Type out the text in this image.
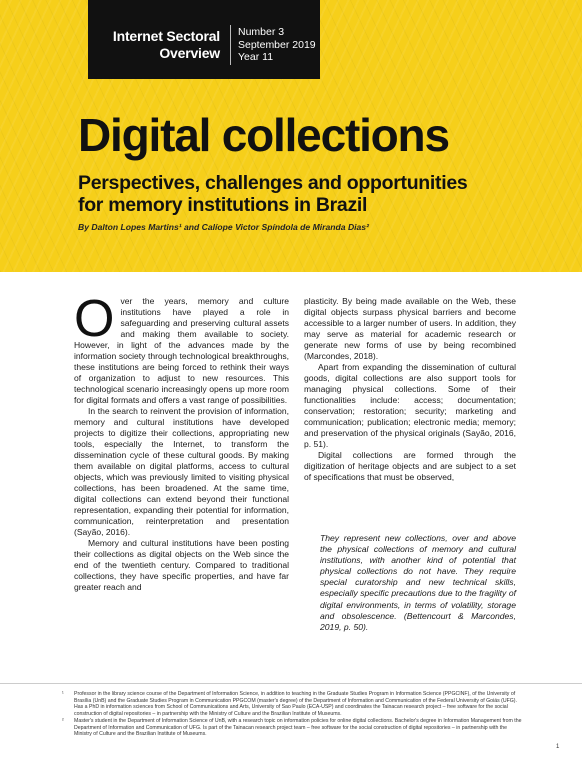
Internet Sectoral
Overview
Number 3
September 2019
Year 11
Digital collections
Perspectives, challenges and opportunities
for memory institutions in Brazil
By Dalton Lopes Martins¹ and Calíope Victor Spíndola de Miranda Dias²

Over the years, memory and culture institutions have played a role in safeguarding and preserving cultural assets and making them available to society. However, in light of the advances made by the information society through technological breakthroughs, these institutions are being forced to rethink their ways of organization to adjust to new resources. This technological scenario increasingly opens up more room for digital formats and offers a vast range of possibilities.

In the search to reinvent the provision of information, memory and cultural institutions have developed projects to digitize their collections, appropriating new tools, especially the Internet, to transform the dissemination cycle of these cultural goods. By making them available on digital platforms, access to cultural objects, which was previously limited to visiting physical collections, has been broadened. At the same time, digital collections can extend beyond their functional representation, expanding their potential for information, communication, reinterpretation and presentation (Sayão, 2016).

Memory and cultural institutions have been posting their collections as digital objects on the Web since the end of the twentieth century. Compared to traditional collections, they have specific properties, and have far greater reach and

plasticity. By being made available on the Web, these digital objects surpass physical barriers and become accessible to a larger number of users. In addition, they may serve as material for academic research or generate new forms of use by being recombined (Marcondes, 2018).

Apart from expanding the dissemination of cultural goods, digital collections are also support tools for managing physical collections. Some of their functionalities include: access; documentation; conservation; restoration; security; marketing and communication; publication; electronic media; memory; and preservation of the physical originals (Sayão, 2016, p. 51).

Digital collections are formed through the digitization of heritage objects and are subject to a set of specifications that must be observed,

They represent new collections, over and above the physical collections of memory and cultural institutions, with another kind of potential that physical collections do not have. They require special curatorship and new technical skills, especially specific precautions due to the fragility of digital environments, in terms of volatility, storage and obsolescence. (Bettencourt & Marcondes, 2019, p. 50).
¹ Professor in the library science course of the Department of Information Science, in addition to teaching in the Graduate Studies Program in Information Science (PPGCINF), of the University of Brasília (UnB) and the Graduate Studies Program in Communication PPGCOM (master's degree) of the Department of Information and Communication of the Federal University of Goiás (UFG). Has a PhD in information sciences from School of Communications and Arts, University of Sao Paulo (ECA-USP) and coordinates the Tainacan research project – free software for the social construction of digital repositories – in partnership with the Ministry of Culture and the Brazilian Institute of Museums.
² Master's student in the Department of Information Science of UnB, with a research topic on information policies for online digital collections. Bachelor's degree in Information Management from the Department of Information and Communication of UFG. Is part of the Tainacan research project team – free software for the social construction of digital repositories – in partnership with the Ministry of Culture and the Brazilian Institute of Museums.
1
